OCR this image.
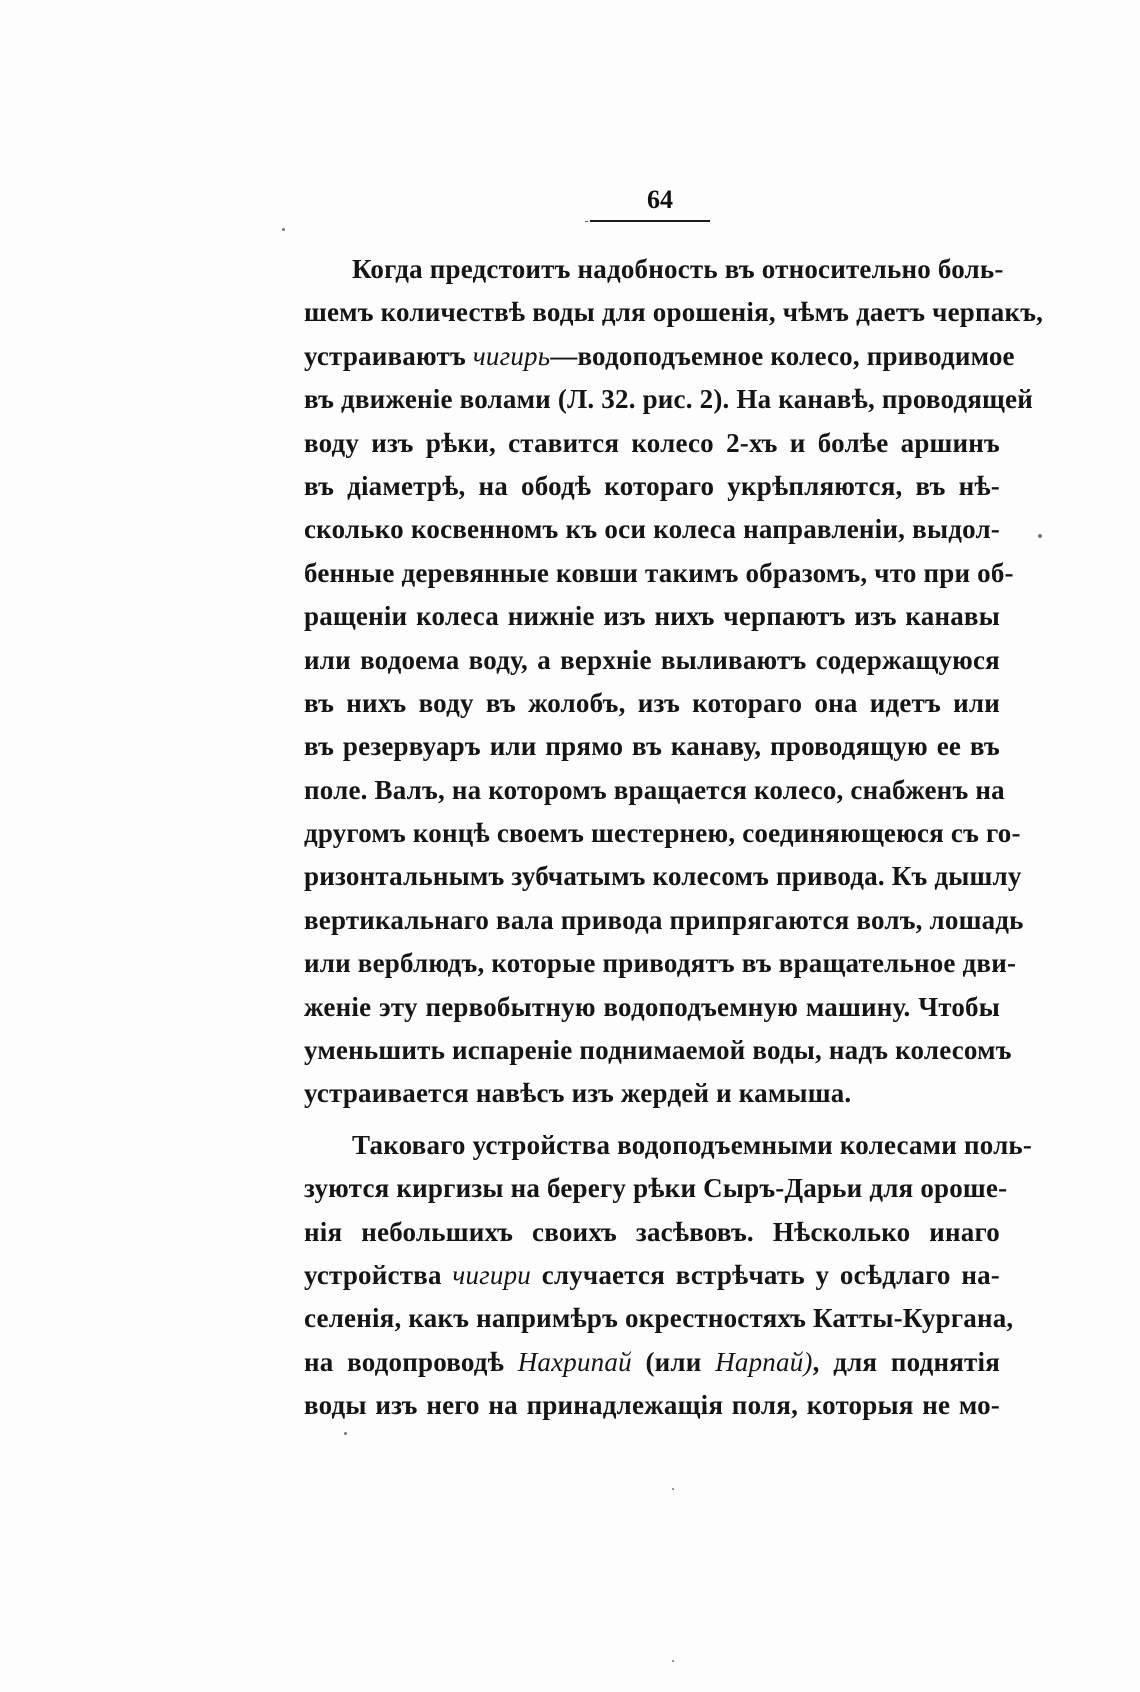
64
Когда предстоитъ надобность въ относительно боль-
шемъ количествѣ воды для орошенія, чѣмъ даетъ черпакъ,
устраиваютъ чигирь—водоподъемное колесо, приводимое
въ движеніе волами (Л. 32. рис. 2). На канавѣ, проводящей
воду изъ рѣки, ставится колесо 2-хъ и болѣе аршинъ
въ діаметрѣ, на ободѣ котораго укрѣпляются, въ нѣ-
сколько косвенномъ къ оси колеса направленіи, выдол-
бенные деревянные ковши такимъ образомъ, что при об-
ращеніи колеса нижніе изъ нихъ черпаютъ изъ канавы
или водоема воду, а верхніе выливаютъ содержащуюся
въ нихъ воду въ жолобъ, изъ котораго она идетъ или
въ резервуаръ или прямо въ канаву, проводящую ее въ
поле. Валъ, на которомъ вращается колесо, снабженъ на
другомъ концѣ своемъ шестернею, соединяющеюся съ го-
ризонтальнымъ зубчатымъ колесомъ привода. Къ дышлу
вертикальнаго вала привода припрягаются волъ, лошадь
или верблюдъ, которые приводятъ въ вращательное дви-
женіе эту первобытную водоподъемную машину. Чтобы
уменьшить испареніе поднимаемой воды, надъ колесомъ
устраивается навѣсъ изъ жердей и камыша.
Таковаго устройства водоподъемными колесами поль-
зуются киргизы на берегу рѣки Сыръ-Дарьи для ороше-
нія небольшихъ своихъ засѣвовъ. Нѣсколько инаго
устройства чигири случается встрѣчать у осѣдлаго на-
селенія, какъ напримѣръ окрестностяхъ Катты-Кургана,
на водопроводѣ Нахрипай (или Нарпай), для поднятія
воды изъ него на принадлежащія поля, которыя не мо-
